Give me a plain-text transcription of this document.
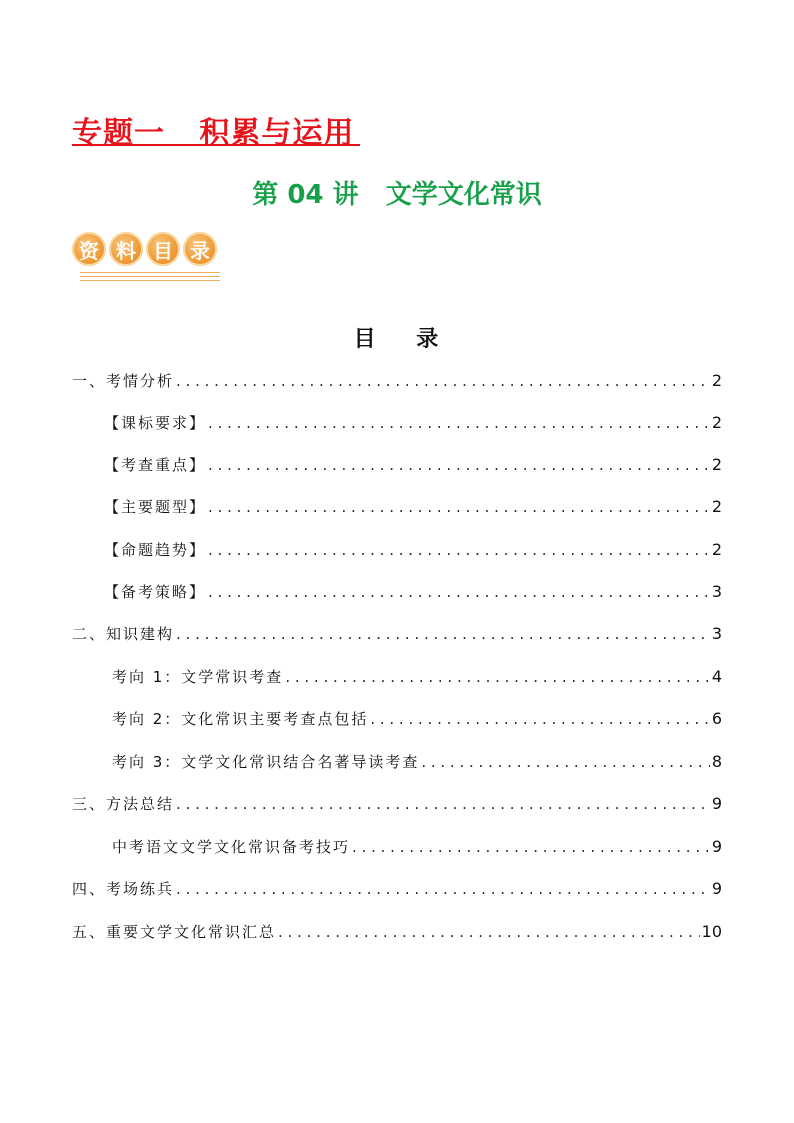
专题一   积累与运用
第 04 讲   文学文化常识
资 料 目 录
目    录
一、考情分析 . . .	2
【课标要求】 . . .	2
【考查重点】 . . .	2
【主要题型】 . . .	2
【命题趋势】 . . .	2
【备考策略】 . . .	3
二、知识建构 . . .	3
考向 1：文学常识考查 . . .	4
考向 2：文化常识主要考查点包括 . . .	6
考向 3：文学文化常识结合名著导读考查 . . .	8
三、方法总结 . . .	9
中考语文文学文化常识备考技巧 . . .	9
四、考场练兵 . . .	9
五、重要文学文化常识汇总 . . .	10
